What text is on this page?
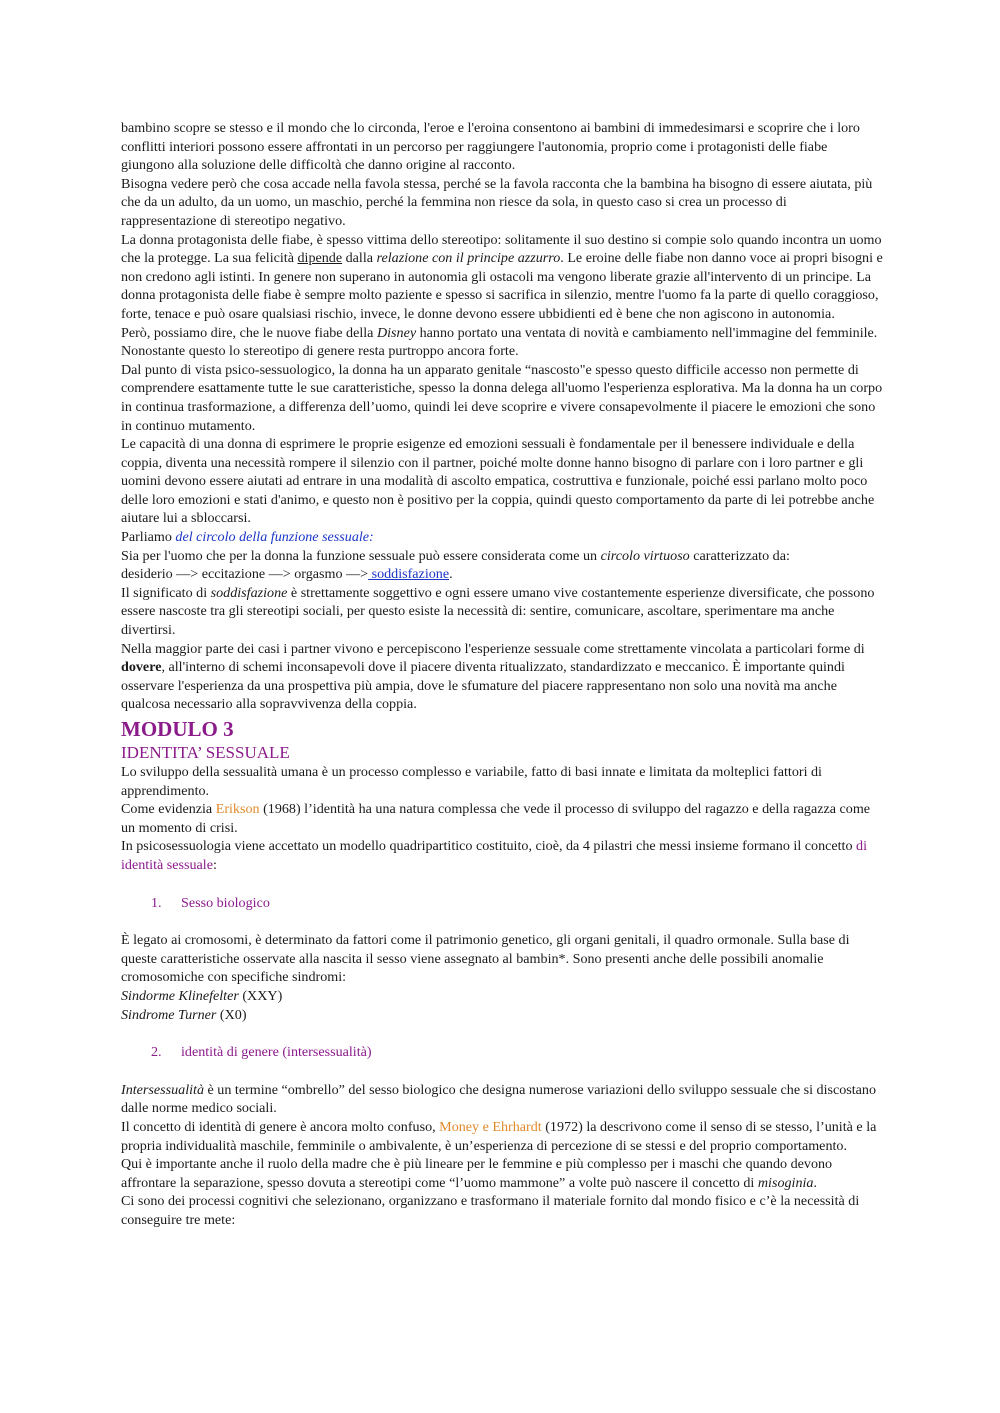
bambino scopre se stesso e il mondo che lo circonda, l'eroe e l'eroina consentono ai bambini di immedesimarsi e scoprire che i loro conflitti interiori possono essere affrontati in un percorso per raggiungere l'autonomia, proprio come i protagonisti delle fiabe giungono alla soluzione delle difficoltà che danno origine al racconto.

Bisogna vedere però che cosa accade nella favola stessa, perché se la favola racconta che la bambina ha bisogno di essere aiutata, più che da un adulto, da un uomo, un maschio, perché la femmina non riesce da sola, in questo caso si crea un processo di rappresentazione di stereotipo negativo.

La donna protagonista delle fiabe, è spesso vittima dello stereotipo: solitamente il suo destino si compie solo quando incontra un uomo che la protegge. La sua felicità dipende dalla relazione con il principe azzurro. Le eroine delle fiabe non danno voce ai propri bisogni e non credono agli istinti. In genere non superano in autonomia gli ostacoli ma vengono liberate grazie all'intervento di un principe. La donna protagonista delle fiabe è sempre molto paziente e spesso si sacrifica in silenzio, mentre l'uomo fa la parte di quello coraggioso, forte, tenace e può osare qualsiasi rischio, invece, le donne devono essere ubbidienti ed è bene che non agiscono in autonomia.

Però, possiamo dire, che le nuove fiabe della Disney hanno portato una ventata di novità e cambiamento nell'immagine del femminile. Nonostante questo lo stereotipo di genere resta purtroppo ancora forte.

Dal punto di vista psico-sessuologico, la donna ha un apparato genitale “nascosto"e spesso questo difficile accesso non permette di comprendere esattamente tutte le sue caratteristiche, spesso la donna delega all'uomo l'esperienza esplorativa. Ma la donna ha un corpo in continua trasformazione, a differenza dell’uomo, quindi lei deve scoprire e vivere consapevolmente il piacere le emozioni che sono in continuo mutamento.

Le capacità di una donna di esprimere le proprie esigenze ed emozioni sessuali è fondamentale per il benessere individuale e della coppia, diventa una necessità rompere il silenzio con il partner, poiché molte donne hanno bisogno di parlare con i loro partner e gli uomini devono essere aiutati ad entrare in una modalità di ascolto empatica, costruttiva e funzionale, poiché essi parlano molto poco delle loro emozioni e stati d'animo, e questo non è positivo per la coppia, quindi questo comportamento da parte di lei potrebbe anche aiutare lui a sbloccarsi.

Parliamo del circolo della funzione sessuale:

Sia per l'uomo che per la donna la funzione sessuale può essere considerata come un circolo virtuoso caratterizzato da:

desiderio —> eccitazione —> orgasmo —> soddisfazione.

Il significato di soddisfazione è strettamente soggettivo e ogni essere umano vive costantemente esperienze diversificate, che possono essere nascoste tra gli stereotipi sociali, per questo esiste la necessità di: sentire, comunicare, ascoltare, sperimentare ma anche divertirsi.

Nella maggior parte dei casi i partner vivono e percepiscono l'esperienze sessuale come strettamente vincolata a particolari forme di dovere, all'interno di schemi inconsapevoli dove il piacere diventa ritualizzato, standardizzato e meccanico. È importante quindi osservare l'esperienza da una prospettiva più ampia, dove le sfumature del piacere rappresentano non solo una novità ma anche qualcosa necessario alla sopravvivenza della coppia.

MODULO 3
IDENTITA’ SESSUALE

Lo sviluppo della sessualità umana è un processo complesso e variabile, fatto di basi innate e limitata da molteplici fattori di apprendimento.

Come evidenzia Erikson (1968) l’identità ha una natura complessa che vede il processo di sviluppo del ragazzo e della ragazza come un momento di crisi.

In psicosessuologia viene accettato un modello quadripartitico costituito, cioè, da 4 pilastri che messi insieme formano il concetto di identità sessuale:

1.	Sesso biologico

È legato ai cromosomi, è determinato da fattori come il patrimonio genetico, gli organi genitali, il quadro ormonale. Sulla base di queste caratteristiche osservate alla nascita il sesso viene assegnato al bambin*. Sono presenti anche delle possibili anomalie cromosomiche con specifiche sindromi:

Sindorme Klinefelter (XXY)

Sindrome Turner (X0)

2.	identità di genere (intersessualità)

Intersessualità è un termine “ombrello” del sesso biologico che designa numerose variazioni dello sviluppo sessuale che si discostano dalle norme medico sociali.

Il concetto di identità di genere è ancora molto confuso, Money e Ehrhardt (1972) la descrivono come il senso di se stesso, l’unità e la propria individualità maschile, femminile o ambivalente, è un’esperienza di percezione di se stessi e del proprio comportamento.

Qui è importante anche il ruolo della madre che è più lineare per le femmine e più complesso per i maschi che quando devono affrontare la separazione, spesso dovuta a stereotipi come “l’uomo mammone” a volte può nascere il concetto di misoginia.

Ci sono dei processi cognitivi che selezionano, organizzano e trasformano il materiale fornito dal mondo fisico e c’è la necessità di conseguire tre mete:
